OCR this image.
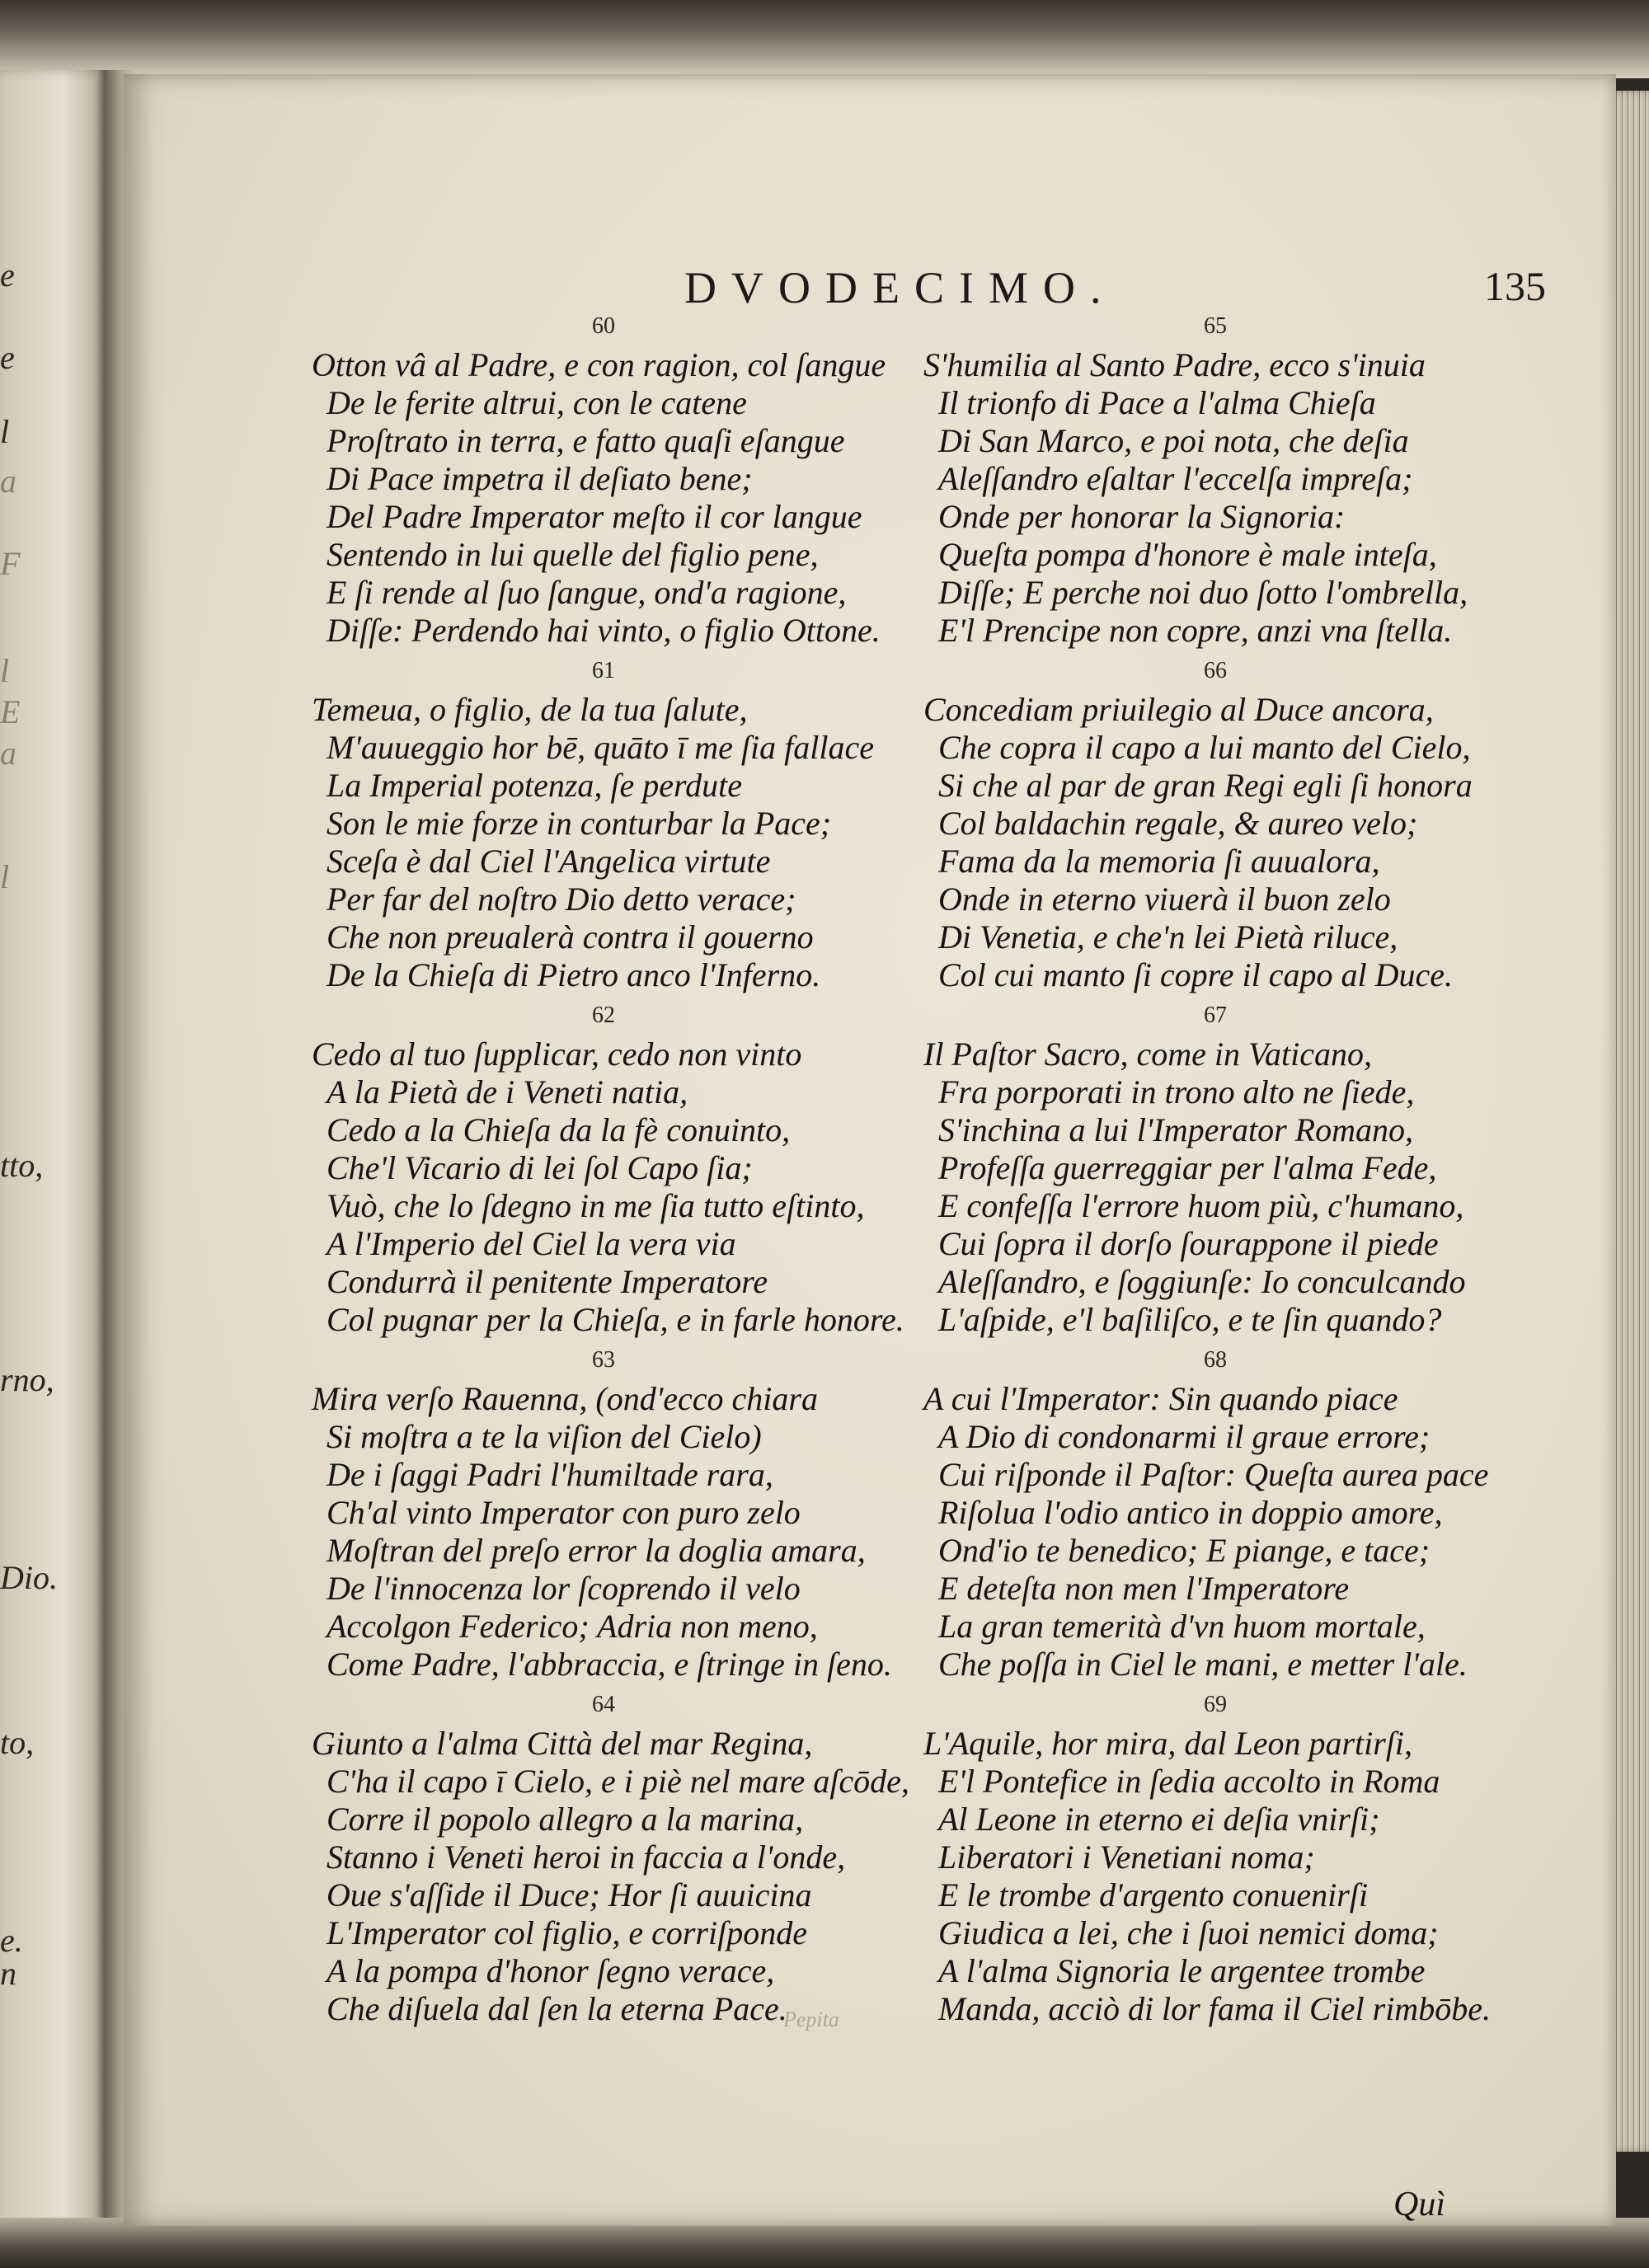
e
e
l
a
F
l
E
a
l
tto,
rno,
Dio.
to,
e.
n
DVODECIMO.	135
60
Otton vâ al Padre, e con ragion, col ſangue
De le ferite altrui, con le catene
Proſtrato in terra, e fatto quaſi eſangue
Di Pace impetra il deſiato bene;
Del Padre Imperator meſto il cor langue
Sentendo in lui quelle del figlio pene,
E ſi rende al ſuo ſangue, ond'a ragione,
Diſſe: Perdendo hai vinto, o figlio Ottone.
61
Temeua, o figlio, de la tua ſalute,
M'auueggio hor bē, quāto ī me ſia fallace
La Imperial potenza, ſe perdute
Son le mie forze in conturbar la Pace;
Sceſa è dal Ciel l'Angelica virtute
Per far del noſtro Dio detto verace;
Che non preualerà contra il gouerno
De la Chieſa di Pietro anco l'Inferno.
62
Cedo al tuo ſupplicar, cedo non vinto
A la Pietà de i Veneti natia,
Cedo a la Chieſa da la fè conuinto,
Che'l Vicario di lei ſol Capo ſia;
Vuò, che lo ſdegno in me ſia tutto eſtinto,
A l'Imperio del Ciel la vera via
Condurrà il penitente Imperatore
Col pugnar per la Chieſa, e in farle honore.
63
Mira verſo Rauenna, (ond'ecco chiara
Si moſtra a te la viſion del Cielo)
De i ſaggi Padri l'humiltade rara,
Ch'al vinto Imperator con puro zelo
Moſtran del preſo error la doglia amara,
De l'innocenza lor ſcoprendo il velo
Accolgon Federico; Adria non meno,
Come Padre, l'abbraccia, e ſtringe in ſeno.
64
Giunto a l'alma Città del mar Regina,
C'ha il capo ī Cielo, e i piè nel mare aſcōde,
Corre il popolo allegro a la marina,
Stanno i Veneti heroi in faccia a l'onde,
Oue s'aſſide il Duce; Hor ſi auuicina
L'Imperator col figlio, e corriſponde
A la pompa d'honor ſegno verace,
Che diſuela dal ſen la eterna Pace.
65
S'humilia al Santo Padre, ecco s'inuia
Il trionfo di Pace a l'alma Chieſa
Di San Marco, e poi nota, che deſia
Aleſſandro eſaltar l'eccelſa impreſa;
Onde per honorar la Signoria:
Queſta pompa d'honore è male inteſa,
Diſſe; E perche noi duo ſotto l'ombrella,
E'l Prencipe non copre, anzi vna ſtella.
66
Concediam priuilegio al Duce ancora,
Che copra il capo a lui manto del Cielo,
Si che al par de gran Regi egli ſi honora
Col baldachin regale, & aureo velo;
Fama da la memoria ſi auualora,
Onde in eterno viuerà il buon zelo
Di Venetia, e che'n lei Pietà riluce,
Col cui manto ſi copre il capo al Duce.
67
Il Paſtor Sacro, come in Vaticano,
Fra porporati in trono alto ne ſiede,
S'inchina a lui l'Imperator Romano,
Profeſſa guerreggiar per l'alma Fede,
E confeſſa l'errore huom più, c'humano,
Cui ſopra il dorſo ſourappone il piede
Aleſſandro, e ſoggiunſe: Io conculcando
L'aſpide, e'l baſiliſco, e te ſin quando?
68
A cui l'Imperator: Sin quando piace
A Dio di condonarmi il graue errore;
Cui riſponde il Paſtor: Queſta aurea pace
Riſolua l'odio antico in doppio amore,
Ond'io te benedico; E piange, e tace;
E deteſta non men l'Imperatore
La gran temerità d'vn huom mortale,
Che poſſa in Ciel le mani, e metter l'ale.
69
L'Aquile, hor mira, dal Leon partirſi,
E'l Pontefice in ſedia accolto in Roma
Al Leone in eterno ei deſia vnirſi;
Liberatori i Venetiani noma;
E le trombe d'argento conuenirſi
Giudica a lei, che i ſuoi nemici doma;
A l'alma Signoria le argentee trombe
Manda, acciò di lor fama il Ciel rimbōbe.
Pepita
Quì
